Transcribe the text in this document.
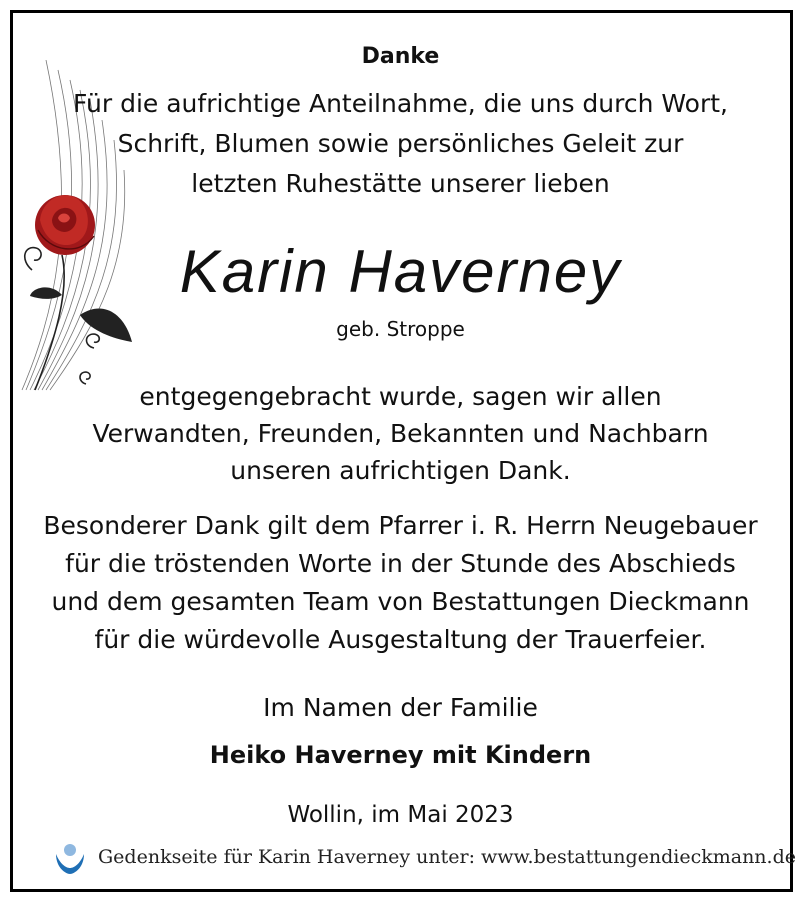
Danke

Für die aufrichtige Anteilnahme, die uns durch Wort,

Schrift, Blumen sowie persönliches Geleit zur

letzten Ruhestätte unserer lieben

Karin Haverney
geb. Stroppe

entgegengebracht wurde, sagen wir allen

Verwandten, Freunden, Bekannten und Nachbarn

unseren aufrichtigen Dank.

Besonderer Dank gilt dem Pfarrer i. R. Herrn Neugebauer

für die tröstenden Worte in der Stunde des Abschieds

und dem gesamten Team von Bestattungen Dieckmann

für die würdevolle Ausgestaltung der Trauerfeier.

Im Namen der Familie
Heiko Haverney mit Kindern
Wollin, im Mai 2023
Gedenkseite für Karin Haverney unter: www.bestattungendieckmann.de
